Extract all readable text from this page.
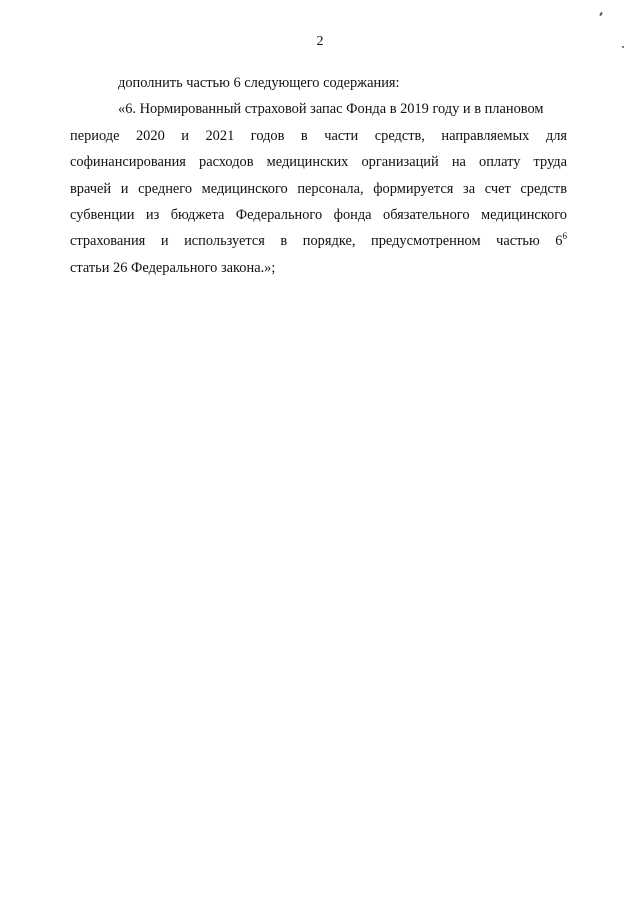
2
дополнить частью 6 следующего содержания:
«6. Нормированный страховой запас Фонда в 2019 году и в плановом
периоде 2020 и 2021 годов в части средств, направляемых для
софинансирования расходов медицинских организаций на оплату труда
врачей и среднего медицинского персонала, формируется за счет средств
субвенции из бюджета Федерального фонда обязательного медицинского
страхования и используется в порядке, предусмотренном частью $6^6$
статьи 26 Федерального закона.»;
